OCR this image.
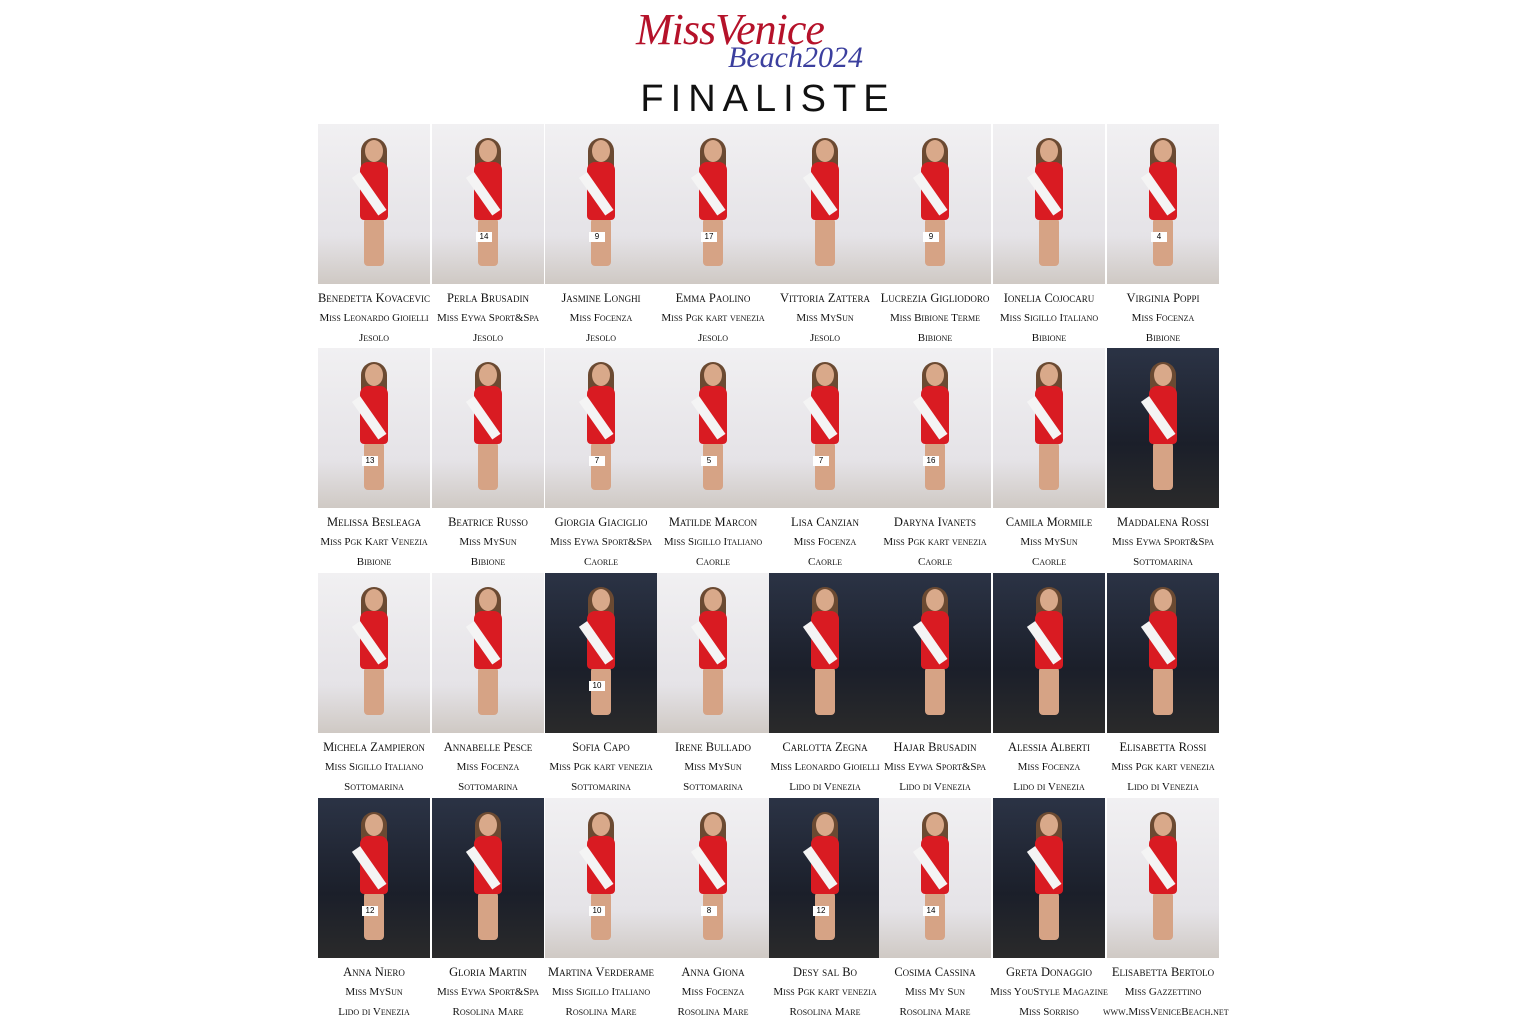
MissVenice
Beach2024
FINALISTE
Benedetta Kovacevic
Miss Leonardo Gioielli
Jesolo
14
Perla Brusadin
Miss Eywa Sport&Spa
Jesolo
9
Jasmine Longhi
Miss Focenza
Jesolo
17
Emma Paolino
Miss Pgk kart venezia
Jesolo
Vittoria Zattera
Miss MySun
Jesolo
9
Lucrezia Gigliodoro
Miss Bibione Terme
Bibione
Ionelia Cojocaru
Miss Sigillo Italiano
Bibione
4
Virginia Poppi
Miss Focenza
Bibione
13
Melissa Besleaga
Miss Pgk Kart Venezia
Bibione
Beatrice Russo
Miss MySun
Bibione
7
Giorgia Giaciglio
Miss Eywa Sport&Spa
Caorle
5
Matilde Marcon
Miss Sigillo Italiano
Caorle
7
Lisa Canzian
Miss Focenza
Caorle
16
Daryna Ivanets
Miss Pgk kart venezia
Caorle
Camila Mormile
Miss MySun
Caorle
Maddalena Rossi
Miss Eywa Sport&Spa
Sottomarina
Michela Zampieron
Miss Sigillo Italiano
Sottomarina
Annabelle Pesce
Miss Focenza
Sottomarina
10
Sofia Capo
Miss Pgk kart venezia
Sottomarina
Irene Bullado
Miss MySun
Sottomarina
Carlotta Zegna
Miss Leonardo Gioielli
Lido di Venezia
Hajar Brusadin
Miss Eywa Sport&Spa
Lido di Venezia
Alessia Alberti
Miss Focenza
Lido di Venezia
Elisabetta Rossi
Miss Pgk kart venezia
Lido di Venezia
12
Anna Niero
Miss MySun
Lido di Venezia
Gloria Martin
Miss Eywa Sport&Spa
Rosolina Mare
10
Martina Verderame
Miss Sigillo Italiano
Rosolina Mare
8
Anna Giona
Miss Focenza
Rosolina Mare
12
Desy sal Bo
Miss Pgk kart venezia
Rosolina Mare
14
Cosima Cassina
Miss My Sun
Rosolina Mare
Greta Donaggio
Miss YouStyle Magazine
Miss Sorriso
Elisabetta Bertolo
Miss Gazzettino
www.MissVeniceBeach.net
